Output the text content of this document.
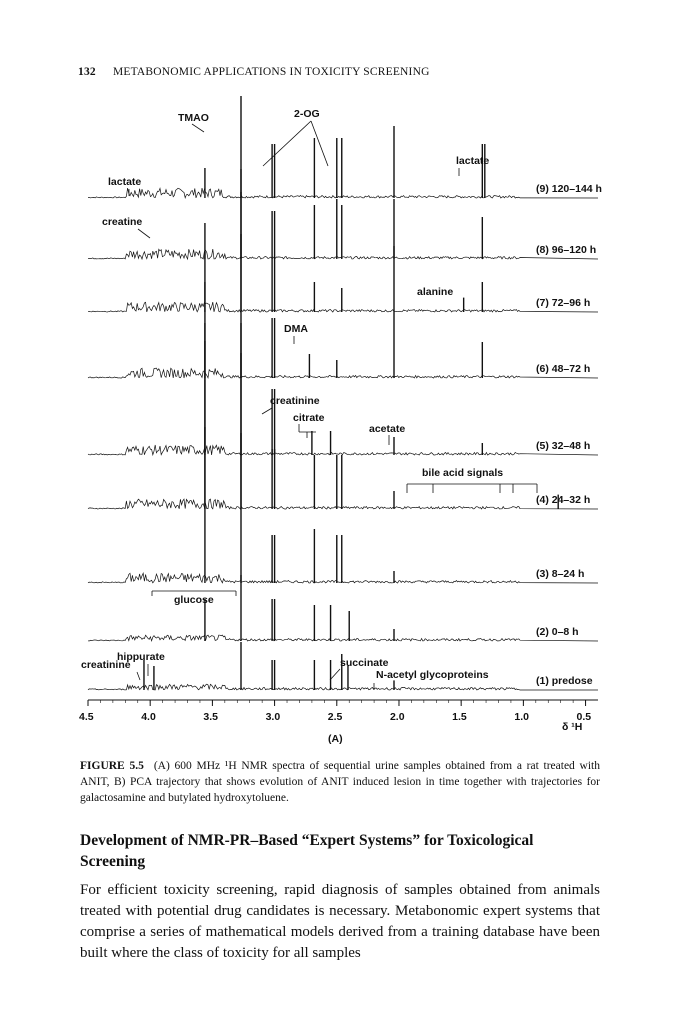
132 METABONOMIC APPLICATIONS IN TOXICITY SCREENING
(9) 120–144 h
(8) 96–120 h
(7) 72–96 h
(6) 48–72 h
(5) 32–48 h
(4) 24–32 h
(3) 8–24 h
(2) 0–8 h
(1) predose
4.5	4.0	3.5	3.0	2.5	2.0	1.5	1.0	0.5
TMAO	2-OG
lactate
lactate
creatine
alanine
DMA
creatinine
citrate
acetate
bile acid signals
glucose
hippurate
creatinine	succinate
N-acetyl glycoproteins
δ ¹H
(A)
FIGURE 5.5 (A) 600 MHz ¹H NMR spectra of sequential urine samples obtained from a rat treated with ANIT, B) PCA trajectory that shows evolution of ANIT induced lesion in time together with trajectories for galactosamine and butylated hydroxytoluene.
Development of NMR-PR–Based “Expert Systems” for Toxicological Screening
For efficient toxicity screening, rapid diagnosis of samples obtained from animals treated with potential drug candidates is necessary. Metabonomic expert systems that comprise a series of mathematical models derived from a training database have been built where the class of toxicity for all samples
